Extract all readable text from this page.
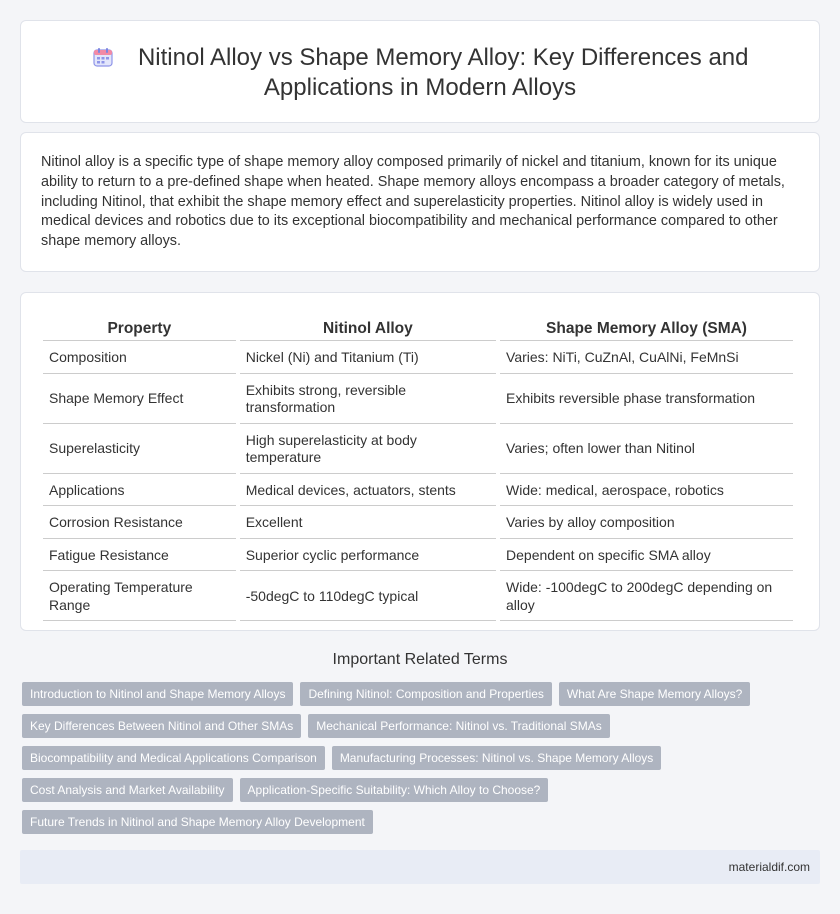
Nitinol Alloy vs Shape Memory Alloy: Key Differences and Applications in Modern Alloys

Nitinol alloy is a specific type of shape memory alloy composed primarily of nickel and titanium, known for its unique ability to return to a pre-defined shape when heated. Shape memory alloys encompass a broader category of metals, including Nitinol, that exhibit the shape memory effect and superelasticity properties. Nitinol alloy is widely used in medical devices and robotics due to its exceptional biocompatibility and mechanical performance compared to other shape memory alloys.

Property	Nitinol Alloy	Shape Memory Alloy (SMA)
Composition	Nickel (Ni) and Titanium (Ti)	Varies: NiTi, CuZnAl, CuAlNi, FeMnSi
Shape Memory Effect	Exhibits strong, reversible transformation	Exhibits reversible phase transformation
Superelasticity	High superelasticity at body temperature	Varies; often lower than Nitinol
Applications	Medical devices, actuators, stents	Wide: medical, aerospace, robotics
Corrosion Resistance	Excellent	Varies by alloy composition
Fatigue Resistance	Superior cyclic performance	Dependent on specific SMA alloy
Operating Temperature Range	-50degC to 110degC typical	Wide: -100degC to 200degC depending on alloy
Important Related Terms
Introduction to Nitinol and Shape Memory Alloys	Defining Nitinol: Composition and Properties	What Are Shape Memory Alloys?
Key Differences Between Nitinol and Other SMAs	Mechanical Performance: Nitinol vs. Traditional SMAs
Biocompatibility and Medical Applications Comparison	Manufacturing Processes: Nitinol vs. Shape Memory Alloys
Cost Analysis and Market Availability	Application-Specific Suitability: Which Alloy to Choose?
Future Trends in Nitinol and Shape Memory Alloy Development
materialdif.com
